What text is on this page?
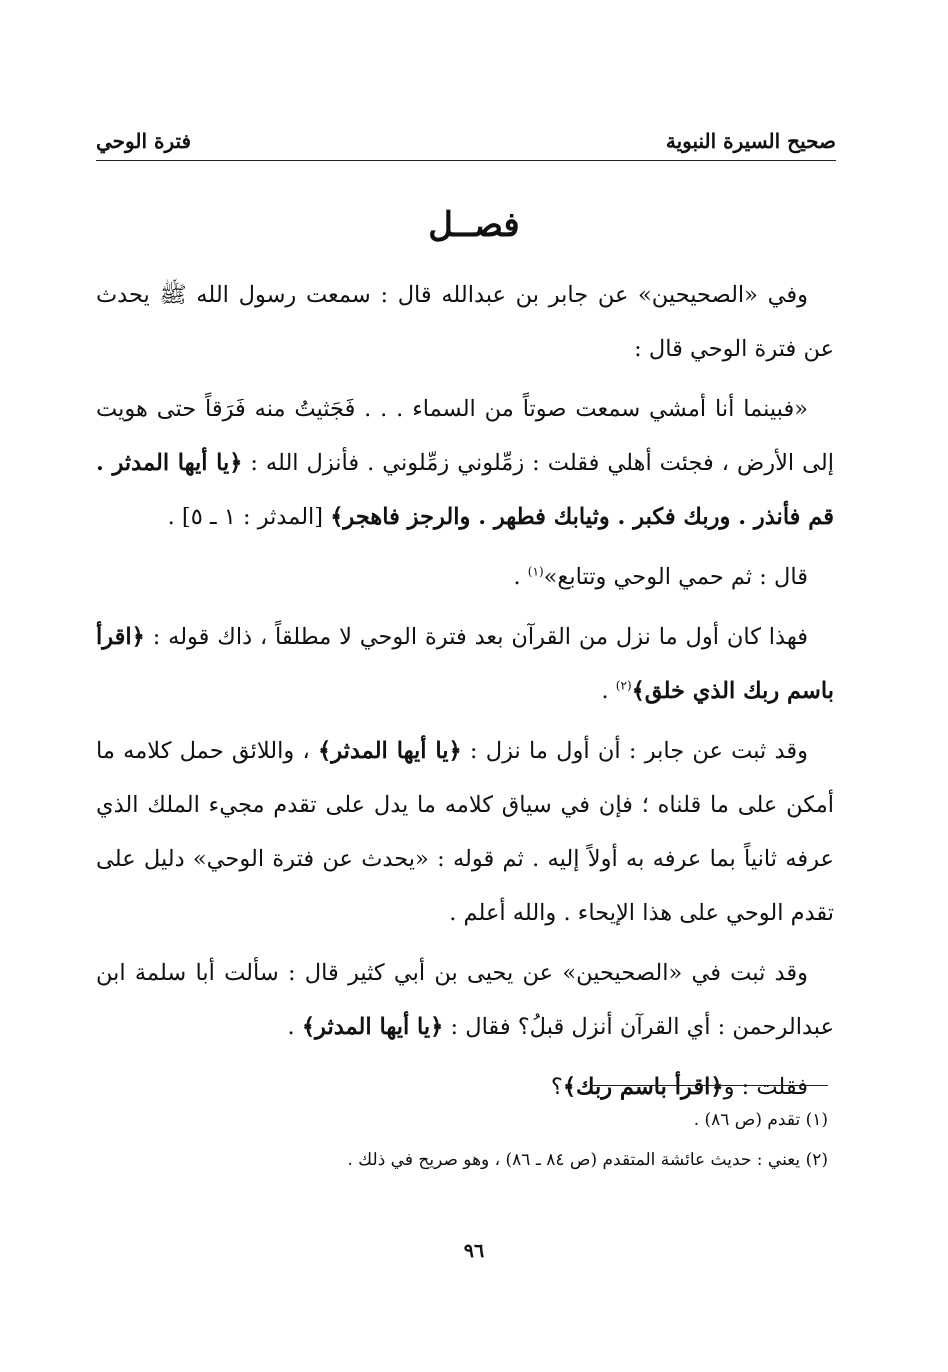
صحيح السيرة النبوية
فترة الوحي
فصــل

وفي «الصحيحين» عن جابر بن عبدالله قال : سمعت رسول الله ﷺ يحدث عن فترة الوحي قال :

«فبينما أنا أمشي سمعت صوتاً من السماء . . . فَجَثيتُ منه فَرَقاً حتى هويت إلى الأرض ، فجئت أهلي فقلت : زمِّلوني زمِّلوني . فأنزل الله : ﴿يا أيها المدثر . قم فأنذر . وربك فكبر . وثيابك فطهر . والرجز فاهجر﴾ [المدثر : ١ ـ ٥] .

قال : ثم حمي الوحي وتتابع»$^{(١)}$ .

فهذا كان أول ما نزل من القرآن بعد فترة الوحي لا مطلقاً ، ذاك قوله : ﴿اقرأ باسم ربك الذي خلق﴾$^{(٢)}$ .

وقد ثبت عن جابر : أن أول ما نزل : ﴿يا أيها المدثر﴾ ، واللائق حمل كلامه ما أمكن على ما قلناه ؛ فإن في سياق كلامه ما يدل على تقدم مجيء الملك الذي عرفه ثانياً بما عرفه به أولاً إليه . ثم قوله : «يحدث عن فترة الوحي» دليل على تقدم الوحي على هذا الإيحاء . والله أعلم .

وقد ثبت في «الصحيحين» عن يحيى بن أبي كثير قال : سألت أبا سلمة ابن عبدالرحمن : أي القرآن أنزل قبلُ؟ فقال : ﴿يا أيها المدثر﴾ .

فقلت : و﴿اقرأ باسم ربك﴾؟

(١) تقدم (ص ٨٦) .
(٢) يعني : حديث عائشة المتقدم (ص ٨٤ ـ ٨٦) ، وهو صريح في ذلك .
٩٦
